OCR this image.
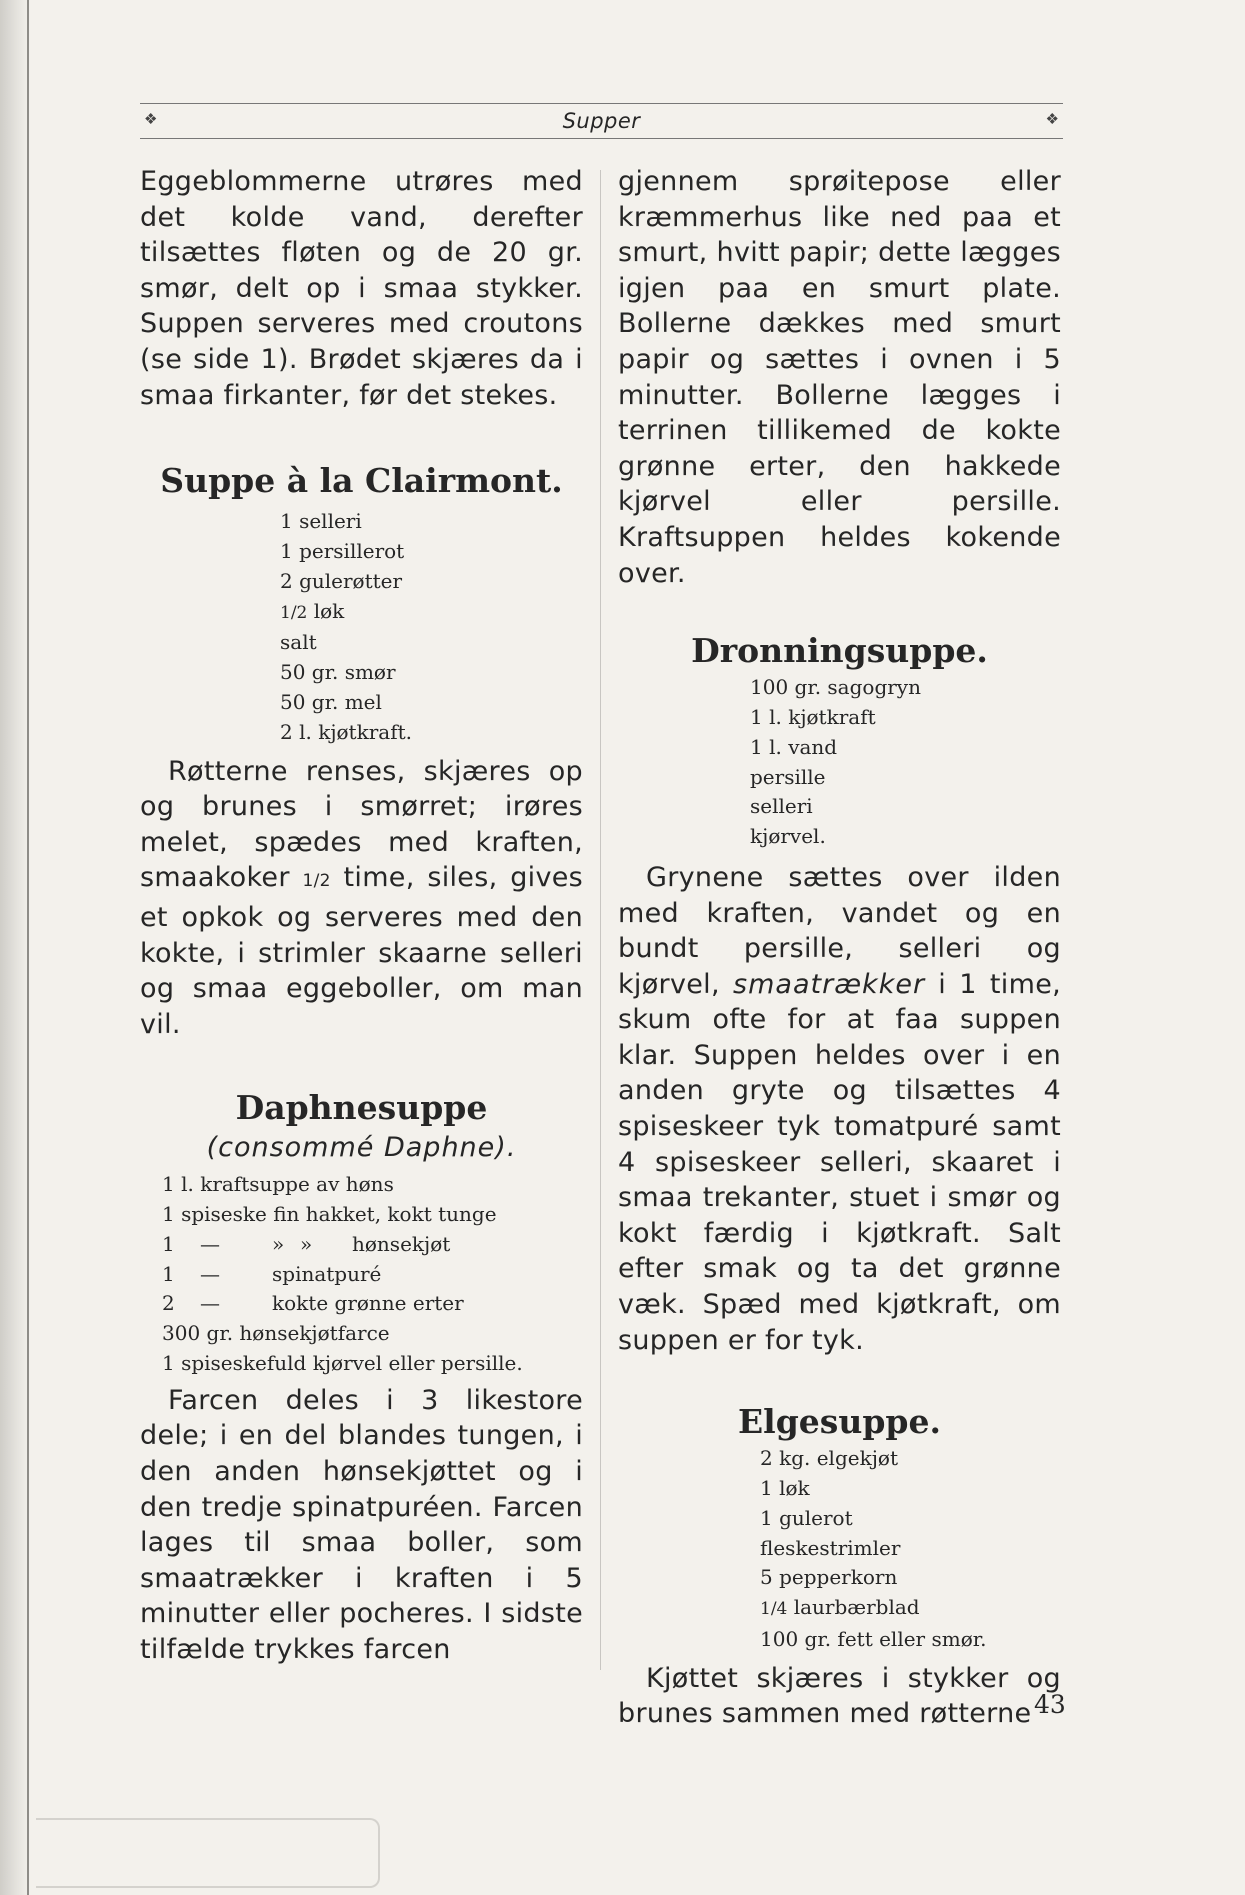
❖	Supper	❖

Eggeblommerne utrøres med det kolde vand, derefter tilsættes fløten og de 20 gr. smør, delt op i smaa stykker. Suppen serveres med croutons (se side 1). Brødet skjæres da i smaa firkanter, før det stekes.

Suppe à la Clairmont.
1 selleri
1 persillerot
2 gulerøtter
1/2 løk
salt
50 gr. smør
50 gr. mel
2 l. kjøtkraft.

Røtterne renses, skjæres op og brunes i smørret; irøres melet, spædes med kraften, smaakoker 1/2 time, siles, gives et opkok og serveres med den kokte, i strimler skaarne selleri og smaa eggeboller, om man vil.

Daphnesuppe
(consommé Daphne).
1 l. kraftsuppe av høns
1 spiseske fin hakket, kokt tunge
1 —	» » hønsekjøt
1 —	spinatpuré
2 —	kokte grønne erter
300 gr. hønsekjøtfarce
1 spiseskefuld kjørvel eller persille.

Farcen deles i 3 likestore dele; i en del blandes tungen, i den anden hønsekjøttet og i den tredje spinatpuréen. Farcen lages til smaa boller, som smaatrækker i kraften i 5 minutter eller pocheres. I sidste tilfælde trykkes farcen

gjennem sprøitepose eller kræmmerhus like ned paa et smurt, hvitt papir; dette lægges igjen paa en smurt plate. Bollerne dækkes med smurt papir og sættes i ovnen i 5 minutter. Bollerne lægges i terrinen tillikemed de kokte grønne erter, den hakkede kjørvel eller persille. Kraftsuppen heldes kokende over.

Dronningsuppe.
100 gr. sagogryn
1 l. kjøtkraft
1 l. vand
persille
selleri
kjørvel.

Grynene sættes over ilden med kraften, vandet og en bundt persille, selleri og kjørvel, smaatrækker i 1 time, skum ofte for at faa suppen klar. Suppen heldes over i en anden gryte og tilsættes 4 spiseskeer tyk tomatpuré samt 4 spiseskeer selleri, skaaret i smaa trekanter, stuet i smør og kokt færdig i kjøtkraft. Salt efter smak og ta det grønne væk. Spæd med kjøtkraft, om suppen er for tyk.

Elgesuppe.
2 kg. elgekjøt
1 løk
1 gulerot
fleskestrimler
5 pepperkorn
1/4 laurbærblad
100 gr. fett eller smør.

Kjøttet skjæres i stykker og brunes sammen med røtterne 43
